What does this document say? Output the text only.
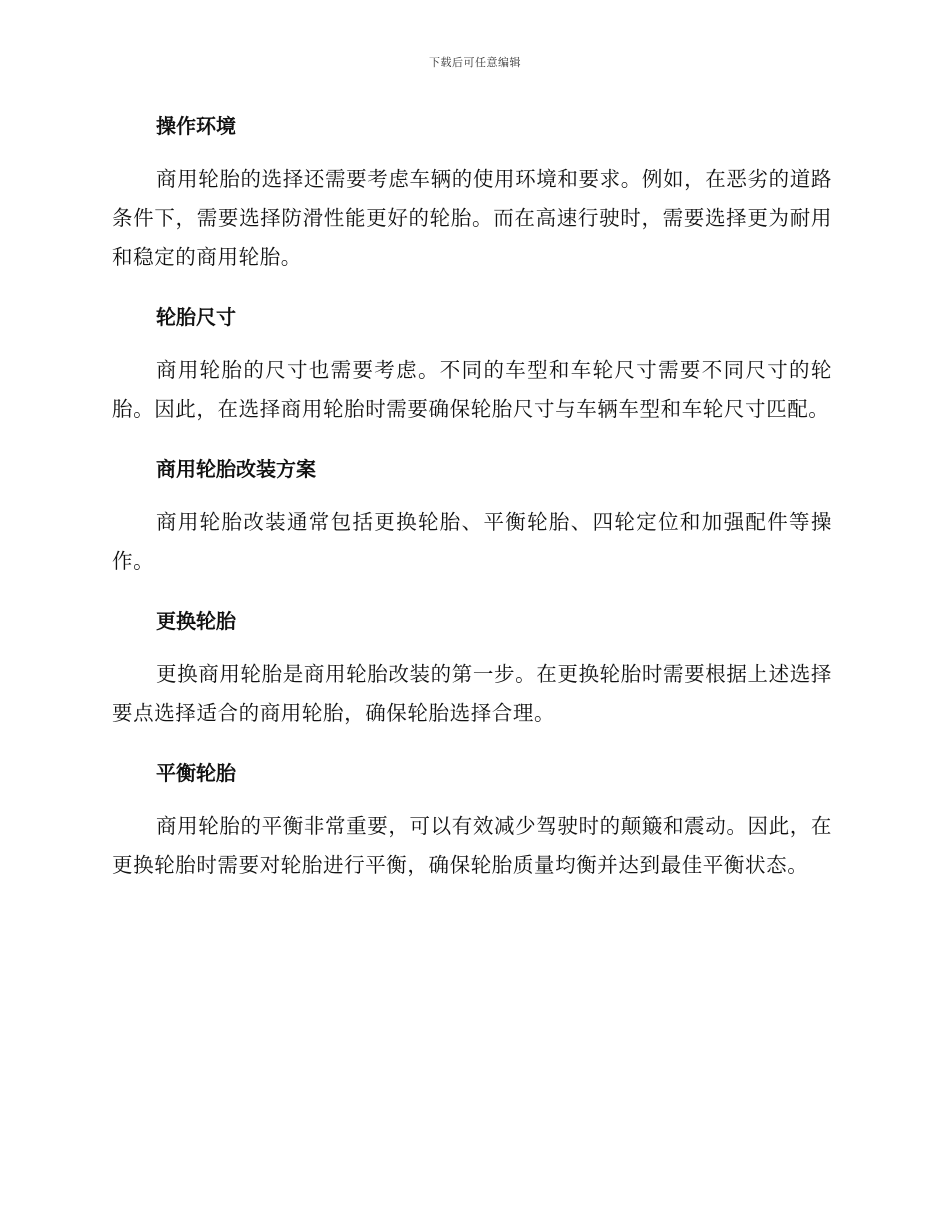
下载后可任意编辑
操作环境

商用轮胎的选择还需要考虑车辆的使用环境和要求。例如，在恶劣的道路条件下，需要选择防滑性能更好的轮胎。而在高速行驶时，需要选择更为耐用和稳定的商用轮胎。

轮胎尺寸

商用轮胎的尺寸也需要考虑。不同的车型和车轮尺寸需要不同尺寸的轮胎。因此，在选择商用轮胎时需要确保轮胎尺寸与车辆车型和车轮尺寸匹配。

商用轮胎改装方案

商用轮胎改装通常包括更换轮胎、平衡轮胎、四轮定位和加强配件等操作。

更换轮胎

更换商用轮胎是商用轮胎改装的第一步。在更换轮胎时需要根据上述选择要点选择适合的商用轮胎，确保轮胎选择合理。

平衡轮胎

商用轮胎的平衡非常重要，可以有效减少驾驶时的颠簸和震动。因此，在更换轮胎时需要对轮胎进行平衡，确保轮胎质量均衡并达到最佳平衡状态。
